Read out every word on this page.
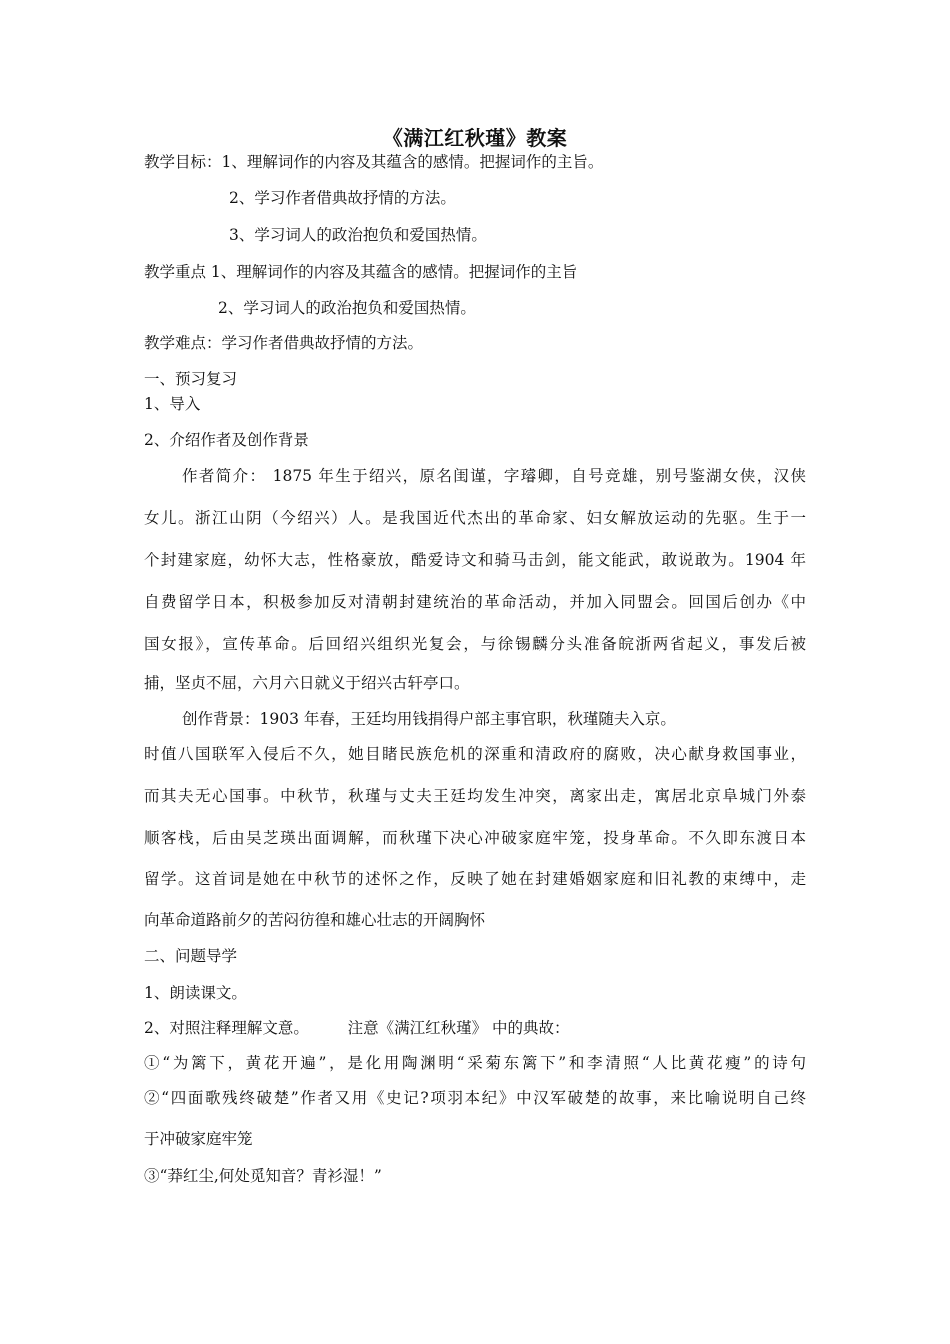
《满江红秋瑾》教案
教学目标：1、理解词作的内容及其蕴含的感情。把握词作的主旨。
2、学习作者借典故抒情的方法。
3、学习词人的政治抱负和爱国热情。
教学重点 1、理解词作的内容及其蕴含的感情。把握词作的主旨
2、学习词人的政治抱负和爱国热情。
教学难点：学习作者借典故抒情的方法。
一、预习复习
1、导入
2、介绍作者及创作背景
作者简介： 1875 年生于绍兴，原名闺谨，字璿卿，自号竞雄，别号鉴湖女侠，汉侠
女儿。浙江山阴（今绍兴）人。是我国近代杰出的革命家、妇女解放运动的先驱。生于一
个封建家庭，幼怀大志，性格豪放，酷爱诗文和骑马击剑，能文能武，敢说敢为。1904 年
自费留学日本，积极参加反对清朝封建统治的革命活动，并加入同盟会。回国后创办《中
国女报》，宣传革命。后回绍兴组织光复会，与徐锡麟分头准备皖浙两省起义，事发后被
捕，坚贞不屈，六月六日就义于绍兴古轩亭口。
创作背景：1903 年春，王廷均用钱捐得户部主事官职，秋瑾随夫入京。
时值八国联军入侵后不久，她目睹民族危机的深重和清政府的腐败，决心献身救国事业，
而其夫无心国事。中秋节，秋瑾与丈夫王廷均发生冲突，离家出走，寓居北京阜城门外泰
顺客栈，后由吴芝瑛出面调解，而秋瑾下决心冲破家庭牢笼，投身革命。不久即东渡日本
留学。这首词是她在中秋节的述怀之作，反映了她在封建婚姻家庭和旧礼教的束缚中，走
向革命道路前夕的苦闷彷徨和雄心壮志的开阔胸怀
二、问题导学
1、朗读课文。
2、对照注释理解文意。　　　注意《满江红秋瑾》 中的典故：
①“为篱下，黄花开遍”，是化用陶渊明“采菊东篱下”和李清照“人比黄花瘦”的诗句
②“四面歌残终破楚”作者又用《史记?项羽本纪》中汉军破楚的故事，来比喻说明自己终
于冲破家庭牢笼
③“莽红尘,何处觅知音？青衫湿！”
